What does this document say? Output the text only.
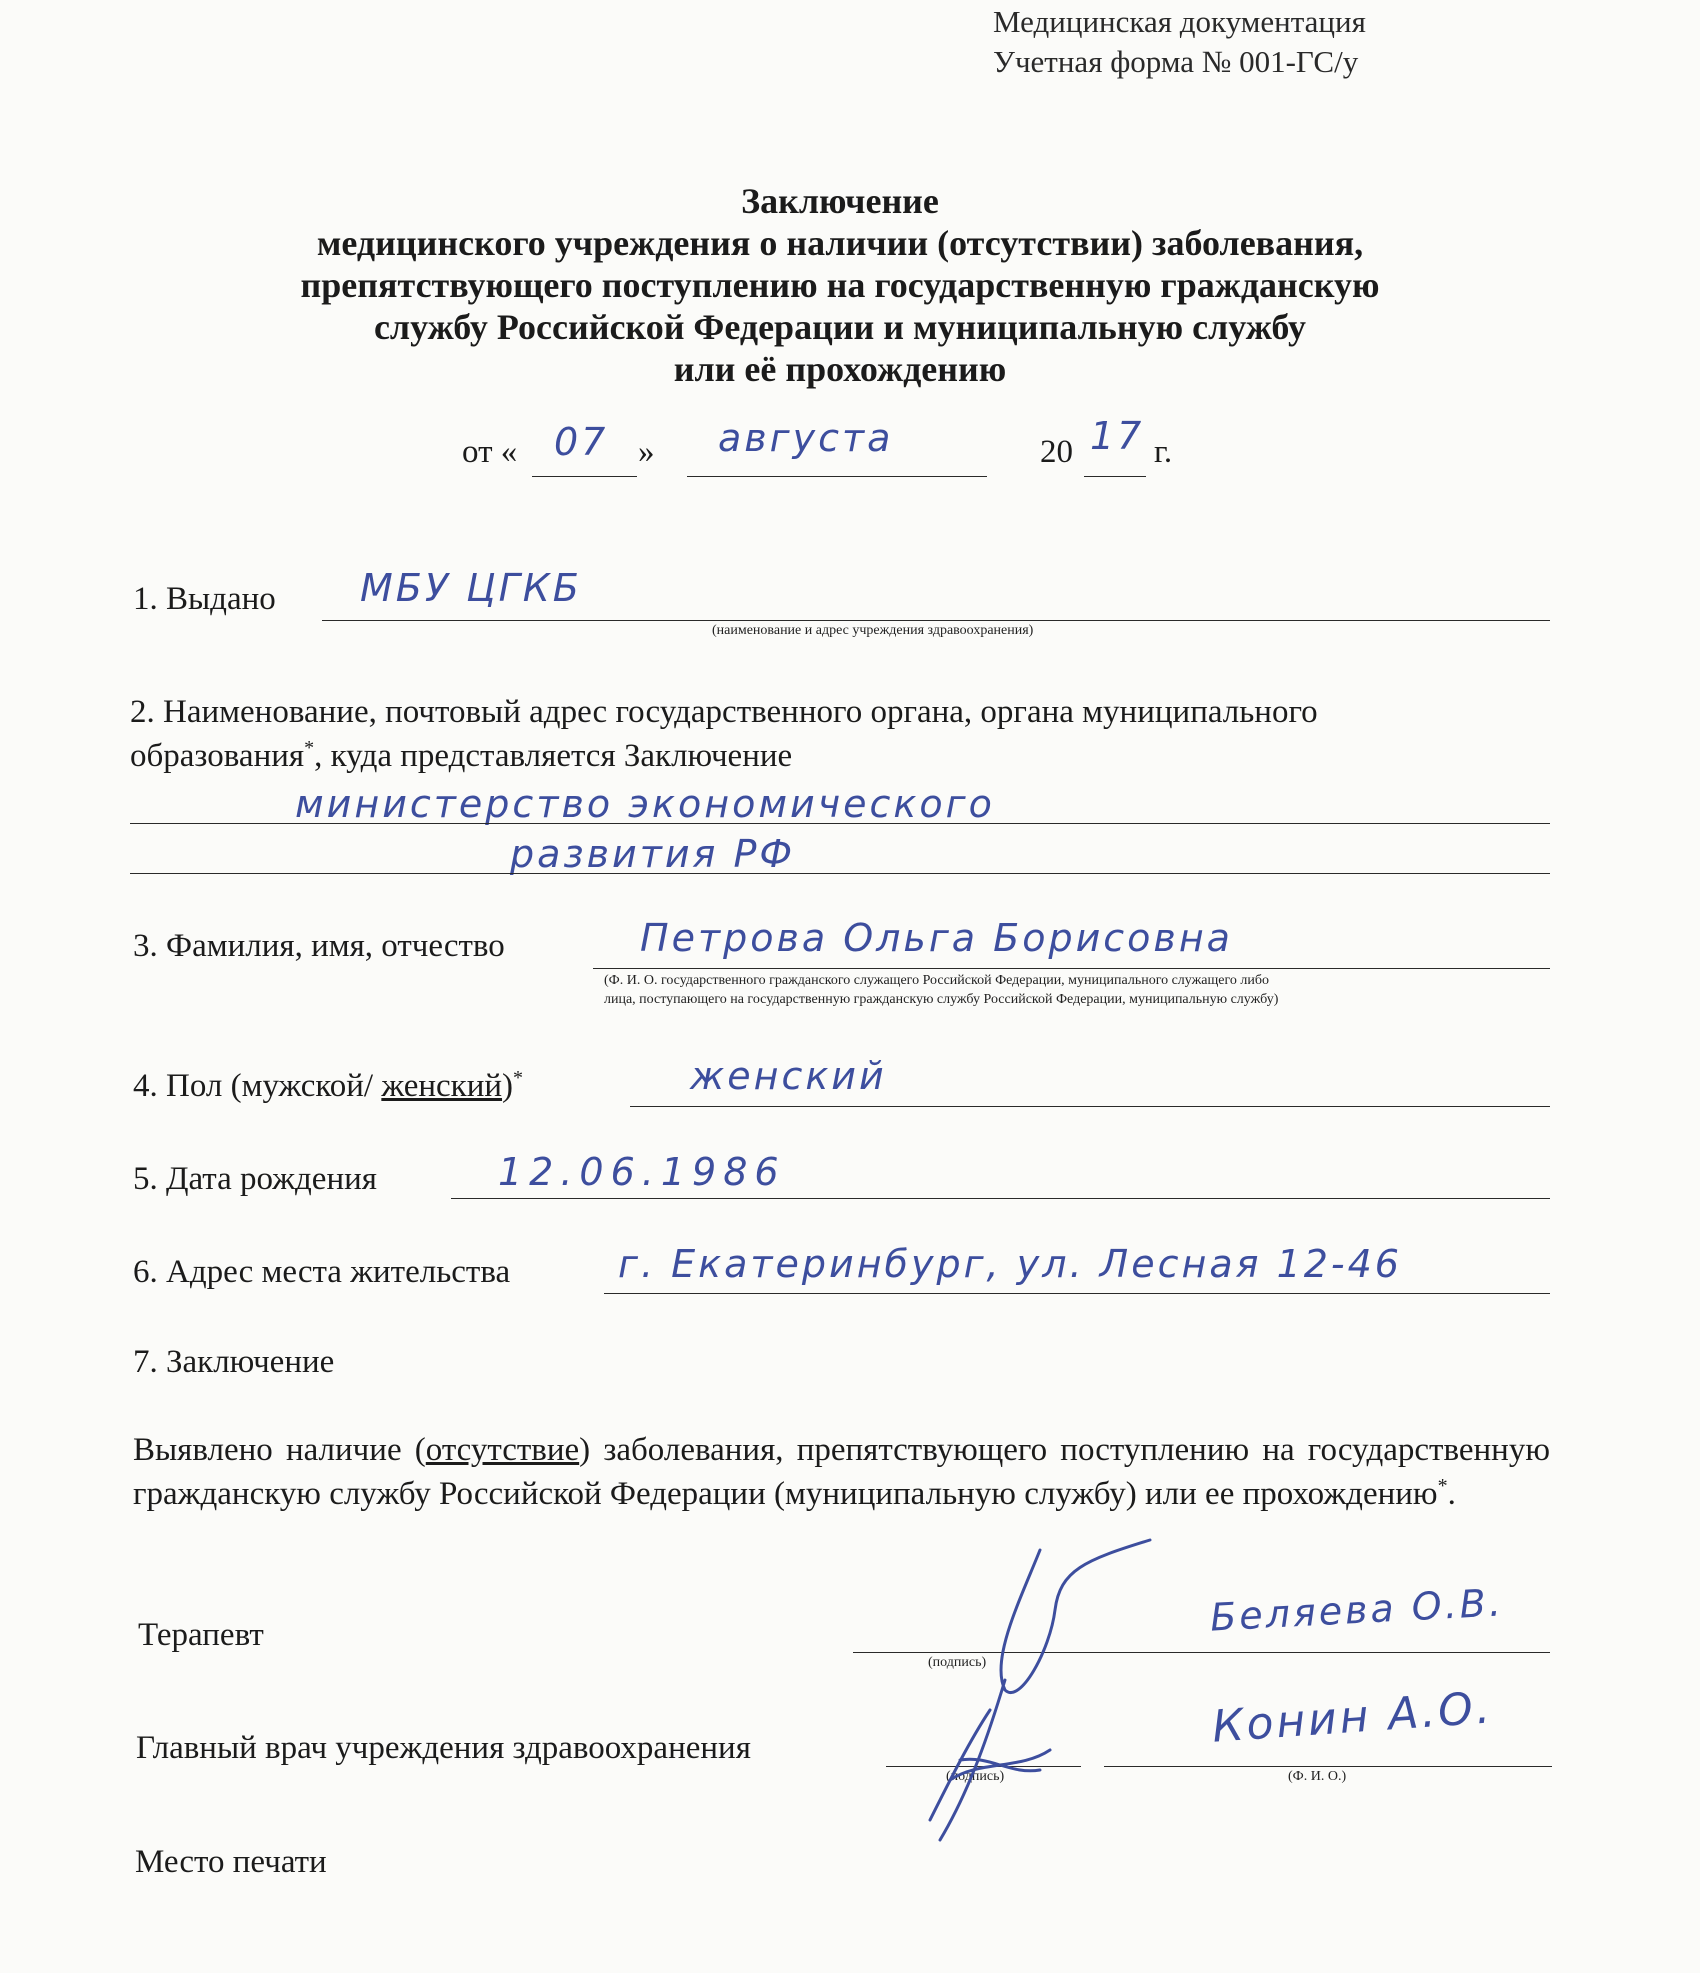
Медицинская документация
Учетная форма № 001-ГС/у
Заключение
медицинского учреждения о наличии (отсутствии) заболевания,
препятствующего поступлению на государственную гражданскую
службу Российской Федерации и муниципальную службу
или её прохождению
от « 07 » августа	20 17 г.
1. Выдано МБУ ЦГКБ
(наименование и адрес учреждения здравоохранения)
2. Наименование, почтовый адрес государственного органа, органа муниципального
образования*, куда представляется Заключение
министерство экономического
развития РФ
3. Фамилия, имя, отчество	Петрова Ольга Борисовна
(Ф. И. О. государственного гражданского служащего Российской Федерации, муниципального служащего либо
лица, поступающего на государственную гражданскую службу Российской Федерации, муниципальную службу)
4. Пол (мужской/ женский)*	женский
5. Дата рождения	12.06.1986
6. Адрес места жительства	г. Екатеринбург, ул. Лесная 12-46
7. Заключение
Выявлено наличие (отсутствие) заболевания, препятствующего поступлению на государственную гражданскую службу Российской Федерации (муниципальную службу) или ее прохождению*.
Терапевт
(подпись)
Беляева О.В.
Главный врач учреждения здравоохранения
(подпись)	(Ф. И. О.)
Конин А.О.
Место печати
